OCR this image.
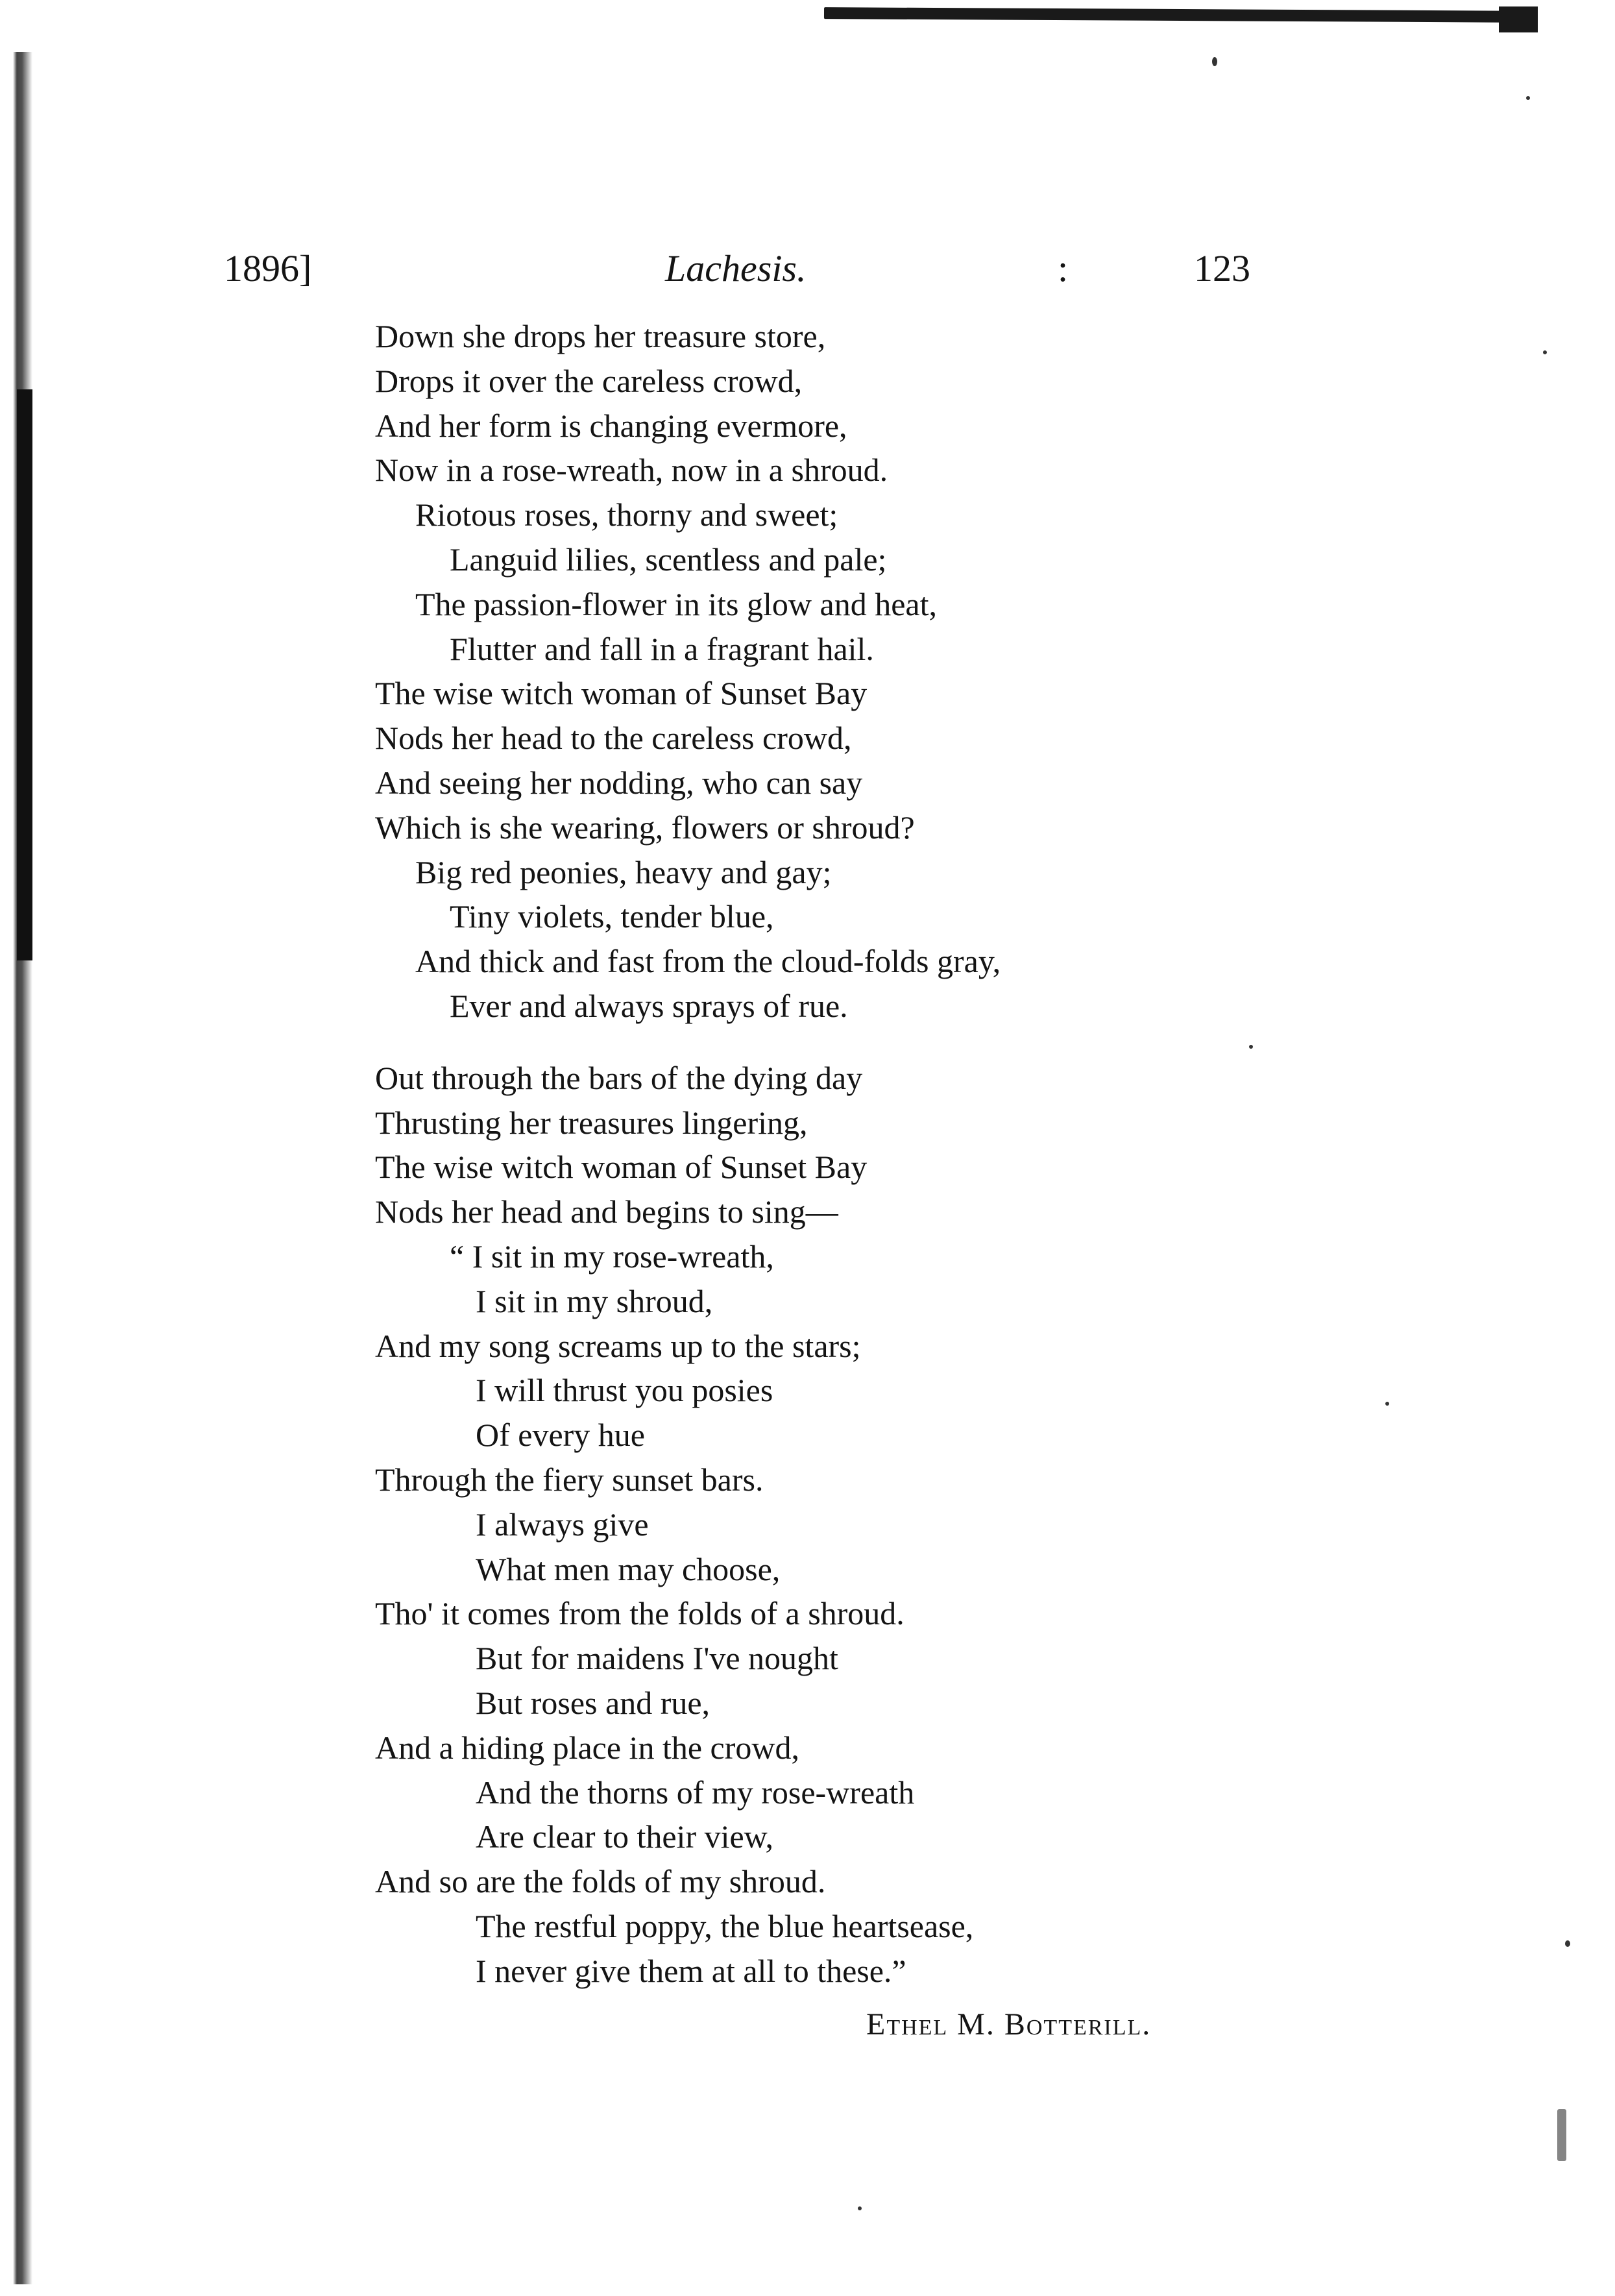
1896]	Lachesis.	:	123
Down she drops her treasure store,
Drops it over the careless crowd,
And her form is changing evermore,
Now in a rose-wreath, now in a shroud.
Riotous roses, thorny and sweet;
Languid lilies, scentless and pale;
The passion-flower in its glow and heat,
Flutter and fall in a fragrant hail.
The wise witch woman of Sunset Bay
Nods her head to the careless crowd,
And seeing her nodding, who can say
Which is she wearing, flowers or shroud?
Big red peonies, heavy and gay;
Tiny violets, tender blue,
And thick and fast from the cloud-folds gray,
Ever and always sprays of rue.
Out through the bars of the dying day
Thrusting her treasures lingering,
The wise witch woman of Sunset Bay
Nods her head and begins to sing—
“ I sit in my rose-wreath,
I sit in my shroud,
And my song screams up to the stars;
I will thrust you posies
Of every hue
Through the fiery sunset bars.
I always give
What men may choose,
Tho' it comes from the folds of a shroud.
But for maidens I've nought
But roses and rue,
And a hiding place in the crowd,
And the thorns of my rose-wreath
Are clear to their view,
And so are the folds of my shroud.
The restful poppy, the blue heartsease,
I never give them at all to these.”
Ethel M. Botterill.
